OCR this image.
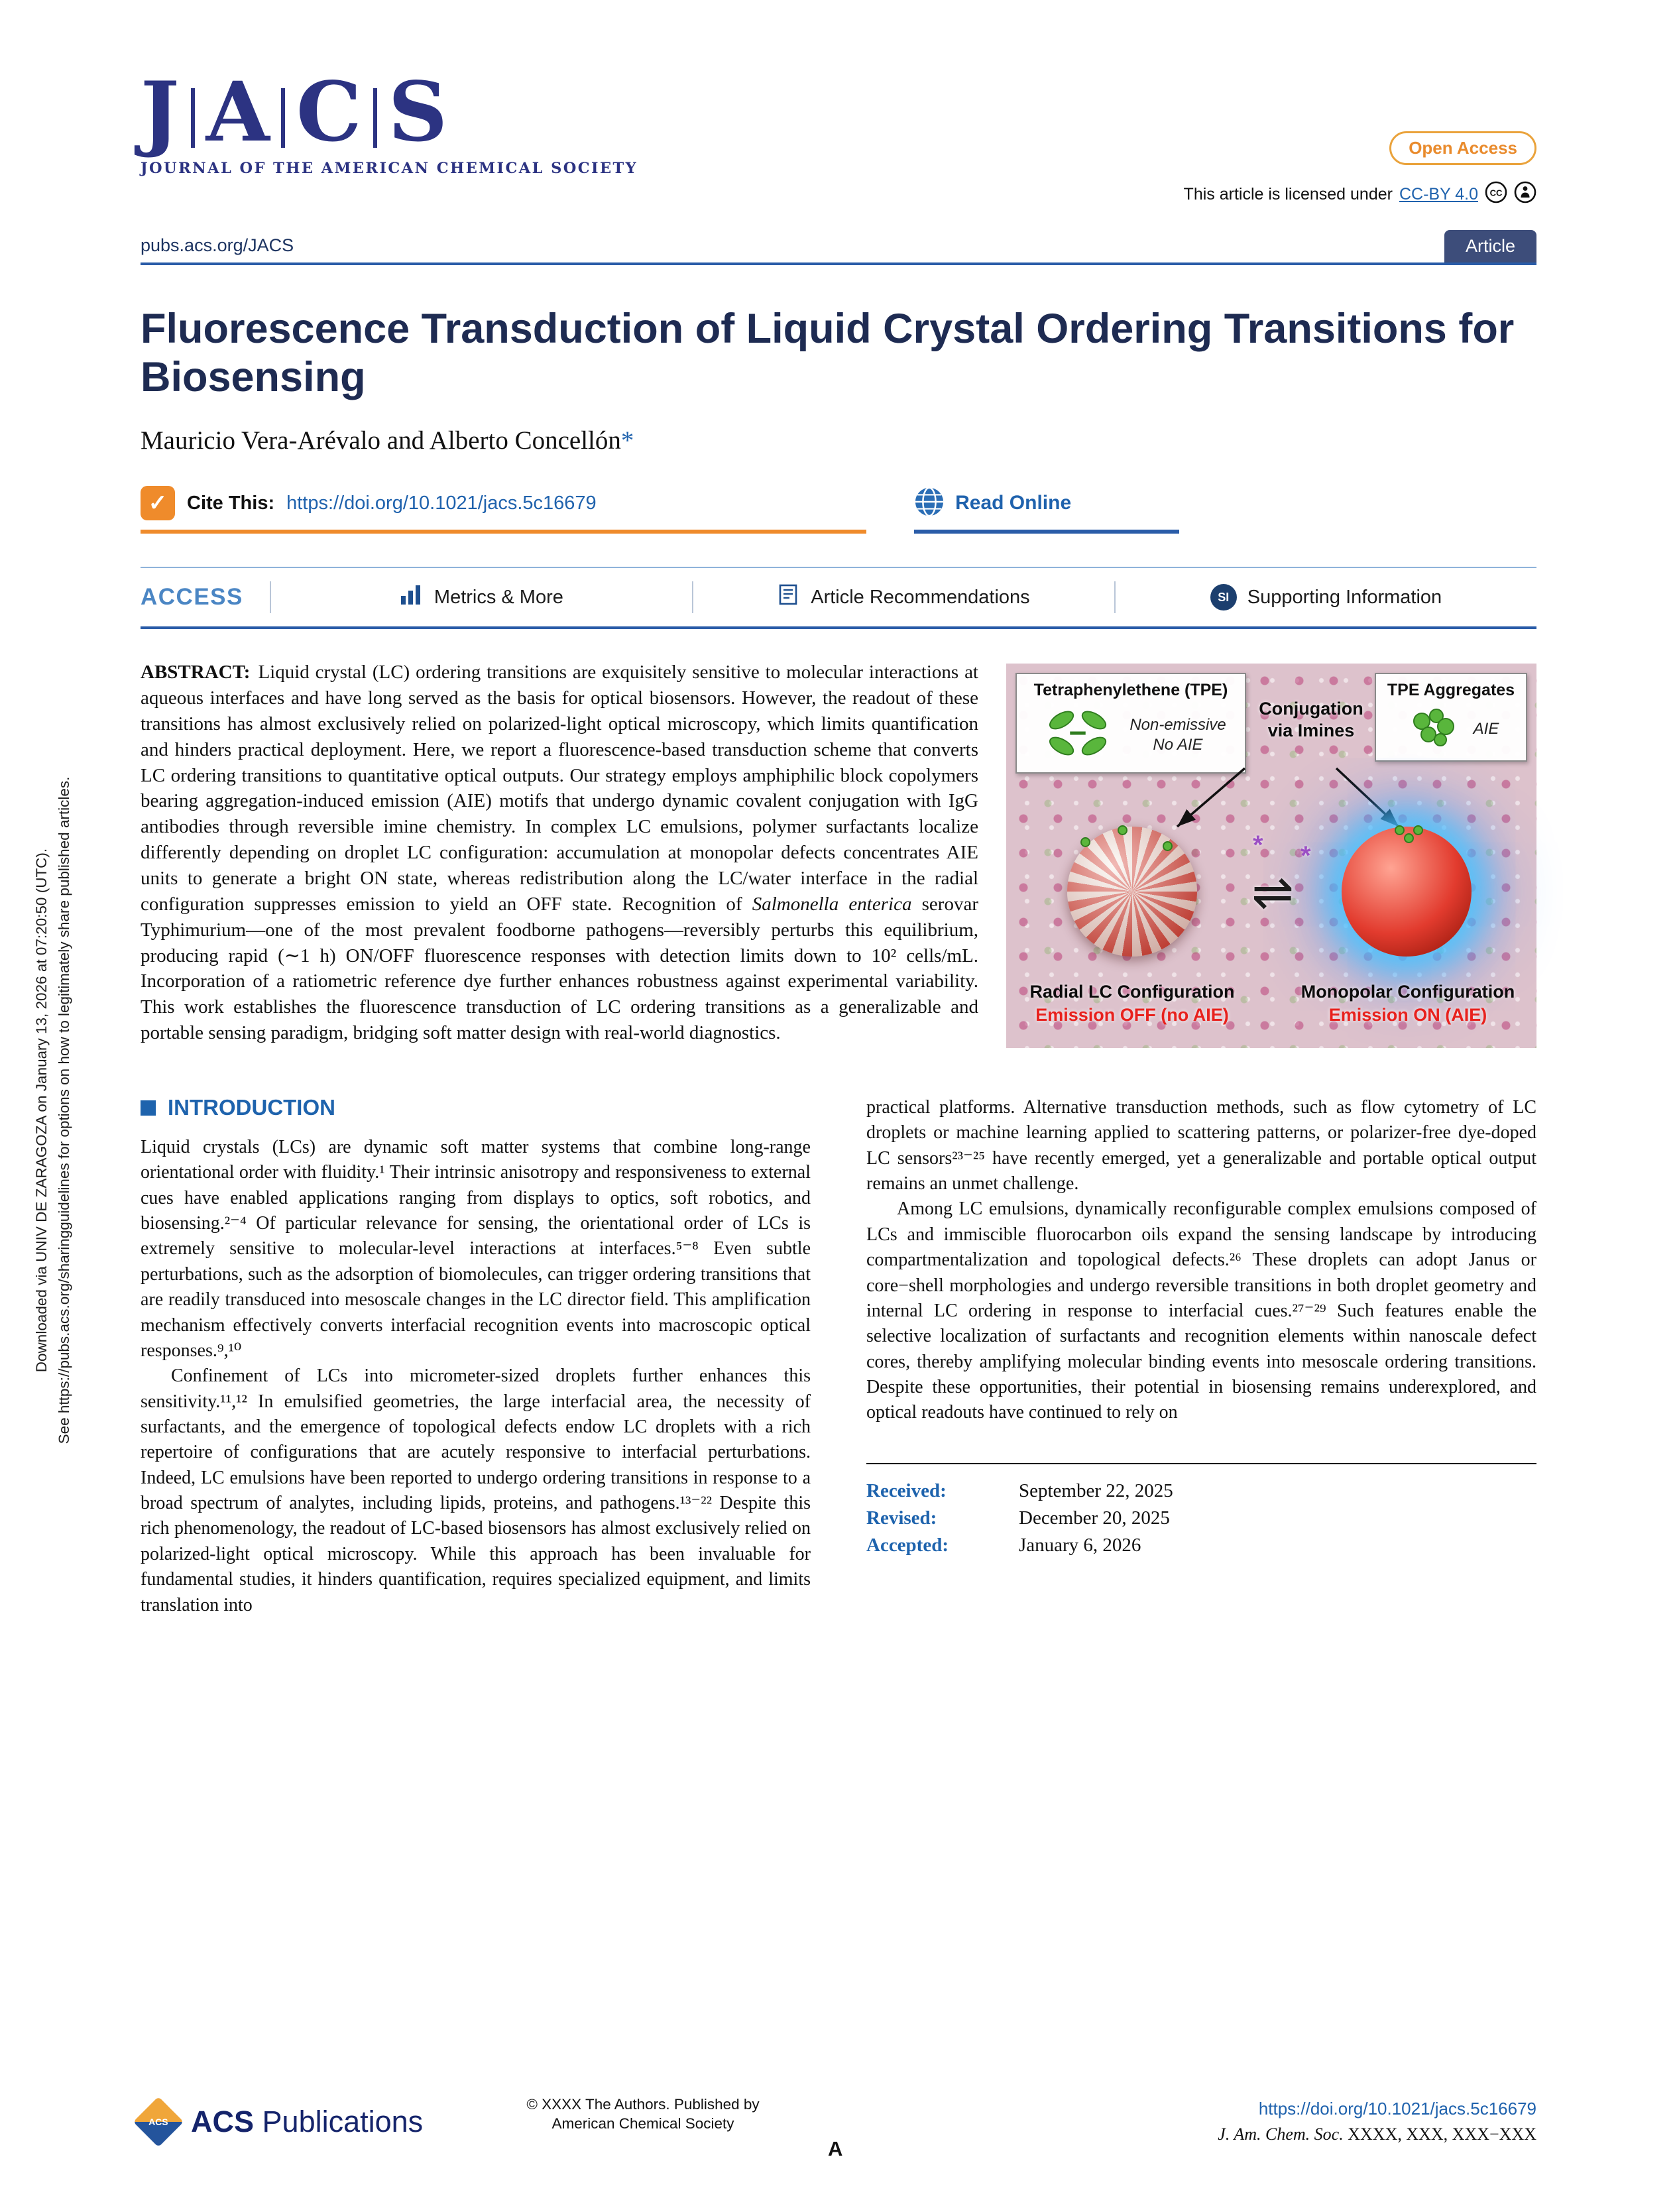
Downloaded via UNIV DE ZARAGOZA on January 13, 2026 at 07:20:50 (UTC). See https://pubs.acs.org/sharingguidelines for options on how to legitimately share published articles.
J A C S
JOURNAL OF THE AMERICAN CHEMICAL SOCIETY
Open Access
This article is licensed under CC-BY 4.0 CC
pubs.acs.org/JACS	Article
Fluorescence Transduction of Liquid Crystal Ordering Transitions for Biosensing
Mauricio Vera-Arévalo and Alberto Concellón*
✓	Cite This: https://doi.org/10.1021/jacs.5c16679	Read Online
ACCESS	Metrics & More	Article Recommendations	SI Supporting Information
Tetraphenylethene (TPE)
Non-emissive
No AIE
Conjugation
via Imines
TPE Aggregates
AIE
* *
⇌
Radial LC Configuration
Emission OFF (no AIE)
Monopolar Configuration
Emission ON (AIE)

ABSTRACT: Liquid crystal (LC) ordering transitions are exquisitely sensitive to molecular interactions at aqueous interfaces and have long served as the basis for optical biosensors. However, the readout of these transitions has almost exclusively relied on polarized-light optical microscopy, which limits quantification and hinders practical deployment. Here, we report a fluorescence-based transduction scheme that converts LC ordering transitions to quantitative optical outputs. Our strategy employs amphiphilic block copolymers bearing aggregation-induced emission (AIE) motifs that undergo dynamic covalent conjugation with IgG antibodies through reversible imine chemistry. In complex LC emulsions, polymer surfactants localize differently depending on droplet LC configuration: accumulation at monopolar defects concentrates AIE units to generate a bright ON state, whereas redistribution along the LC/water interface in the radial configuration suppresses emission to yield an OFF state. Recognition of Salmonella enterica serovar Typhimurium—one of the most prevalent foodborne pathogens—reversibly perturbs this equilibrium, producing rapid (∼1 h) ON/OFF fluorescence responses with detection limits down to 10² cells/mL. Incorporation of a ratiometric reference dye further enhances robustness against experimental variability. This work establishes the fluorescence transduction of LC ordering transitions as a generalizable and portable sensing paradigm, bridging soft matter design with real-world diagnostics.

INTRODUCTION

Liquid crystals (LCs) are dynamic soft matter systems that combine long-range orientational order with fluidity.¹ Their intrinsic anisotropy and responsiveness to external cues have enabled applications ranging from displays to optics, soft robotics, and biosensing.²⁻⁴ Of particular relevance for sensing, the orientational order of LCs is extremely sensitive to molecular-level interactions at interfaces.⁵⁻⁸ Even subtle perturbations, such as the adsorption of biomolecules, can trigger ordering transitions that are readily transduced into mesoscale changes in the LC director field. This amplification mechanism effectively converts interfacial recognition events into macroscopic optical responses.⁹,¹⁰

Confinement of LCs into micrometer-sized droplets further enhances this sensitivity.¹¹,¹² In emulsified geometries, the large interfacial area, the necessity of surfactants, and the emergence of topological defects endow LC droplets with a rich repertoire of configurations that are acutely responsive to interfacial perturbations. Indeed, LC emulsions have been reported to undergo ordering transitions in response to a broad spectrum of analytes, including lipids, proteins, and pathogens.¹³⁻²² Despite this rich phenomenology, the readout of LC-based biosensors has almost exclusively relied on polarized-light optical microscopy. While this approach has been invaluable for fundamental studies, it hinders quantification, requires specialized equipment, and limits translation into

practical platforms. Alternative transduction methods, such as flow cytometry of LC droplets or machine learning applied to scattering patterns, or polarizer-free dye-doped LC sensors²³⁻²⁵ have recently emerged, yet a generalizable and portable optical output remains an unmet challenge.

Among LC emulsions, dynamically reconfigurable complex emulsions composed of LCs and immiscible fluorocarbon oils expand the sensing landscape by introducing compartmentalization and topological defects.²⁶ These droplets can adopt Janus or core−shell morphologies and undergo reversible transitions in both droplet geometry and internal LC ordering in response to interfacial cues.²⁷⁻²⁹ Such features enable the selective localization of surfactants and recognition elements within nanoscale defect cores, thereby amplifying molecular binding events into mesoscale ordering transitions. Despite these opportunities, their potential in biosensing remains underexplored, and optical readouts have continued to rely on

Received:	September 22, 2025
Revised:	December 20, 2025
Accepted:	January 6, 2026
ACS ACS Publications
© XXXX The Authors. Published by
American Chemical Society
https://doi.org/10.1021/jacs.5c16679
J. Am. Chem. Soc. XXXX, XXX, XXX−XXX
A
